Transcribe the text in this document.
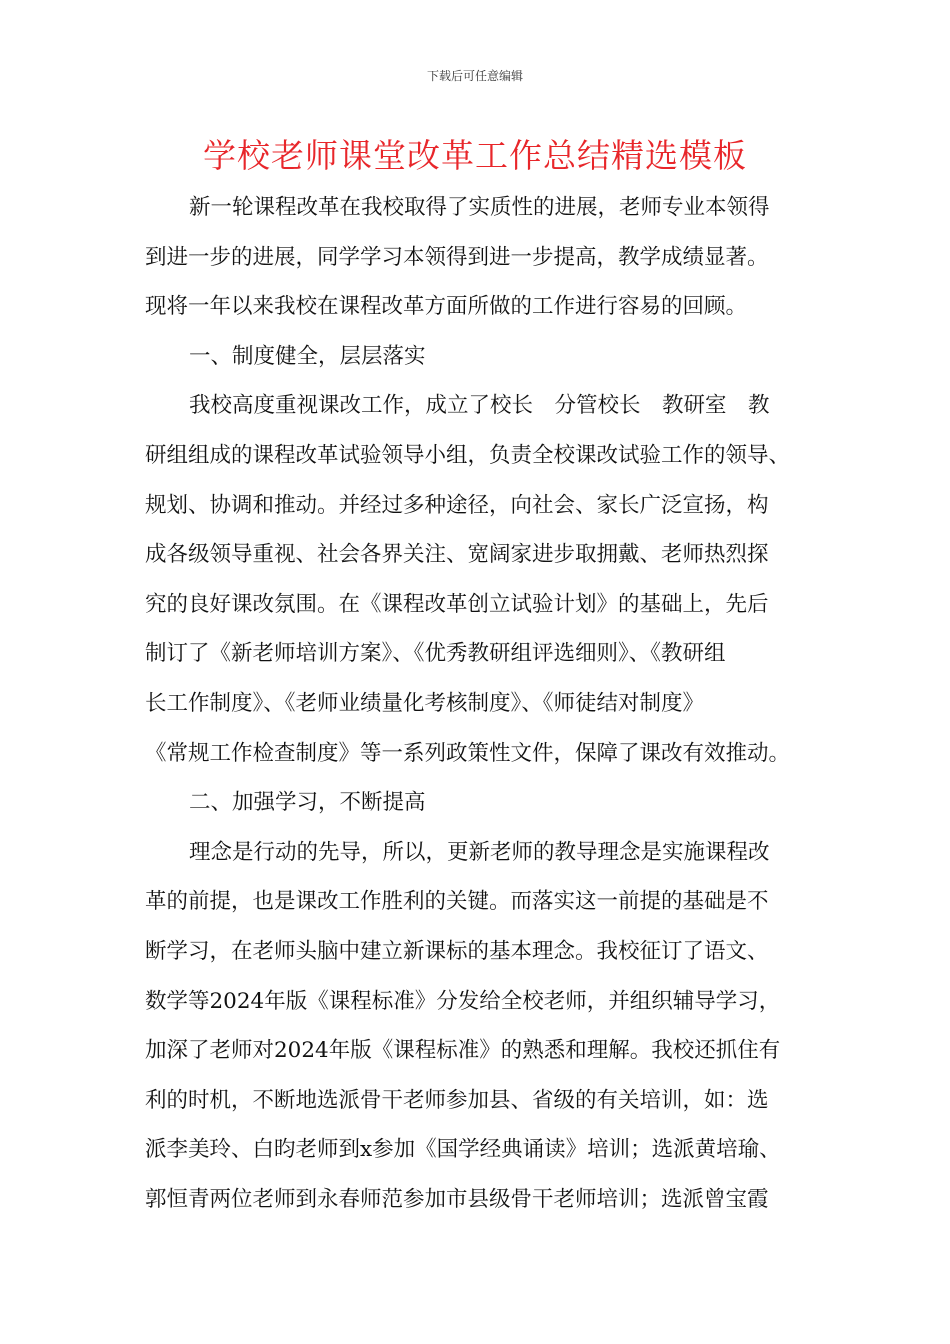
下载后可任意编辑
学校老师课堂改革工作总结精选模板
新一轮课程改革在我校取得了实质性的进展，老师专业本领得
到进一步的进展，同学学习本领得到进一步提高，教学成绩显著。
现将一年以来我校在课程改革方面所做的工作进行容易的回顾。
一、制度健全，层层落实
我校高度重视课改工作，成立了校长　分管校长　教研室　教
研组组成的课程改革试验领导小组，负责全校课改试验工作的领导、
规划、协调和推动。并经过多种途径，向社会、家长广泛宣扬，构
成各级领导重视、社会各界关注、宽阔家进步取拥戴、老师热烈探
究的良好课改氛围。在《课程改革创立试验计划》的基础上，先后
制订了《新老师培训方案》、《优秀教研组评选细则》、《教研组
长工作制度》、《老师业绩量化考核制度》、《师徒结对制度》
《常规工作检查制度》等一系列政策性文件，保障了课改有效推动。
二、加强学习，不断提高
理念是行动的先导，所以，更新老师的教导理念是实施课程改
革的前提，也是课改工作胜利的关键。而落实这一前提的基础是不
断学习，在老师头脑中建立新课标的基本理念。我校征订了语文、
数学等2024年版《课程标准》分发给全校老师，并组织辅导学习，
加深了老师对2024年版《课程标准》的熟悉和理解。我校还抓住有
利的时机，不断地选派骨干老师参加县、省级的有关培训，如：选
派李美玲、白昀老师到x参加《国学经典诵读》培训；选派黄培瑜、
郭恒青两位老师到永春师范参加市县级骨干老师培训；选派曾宝霞
